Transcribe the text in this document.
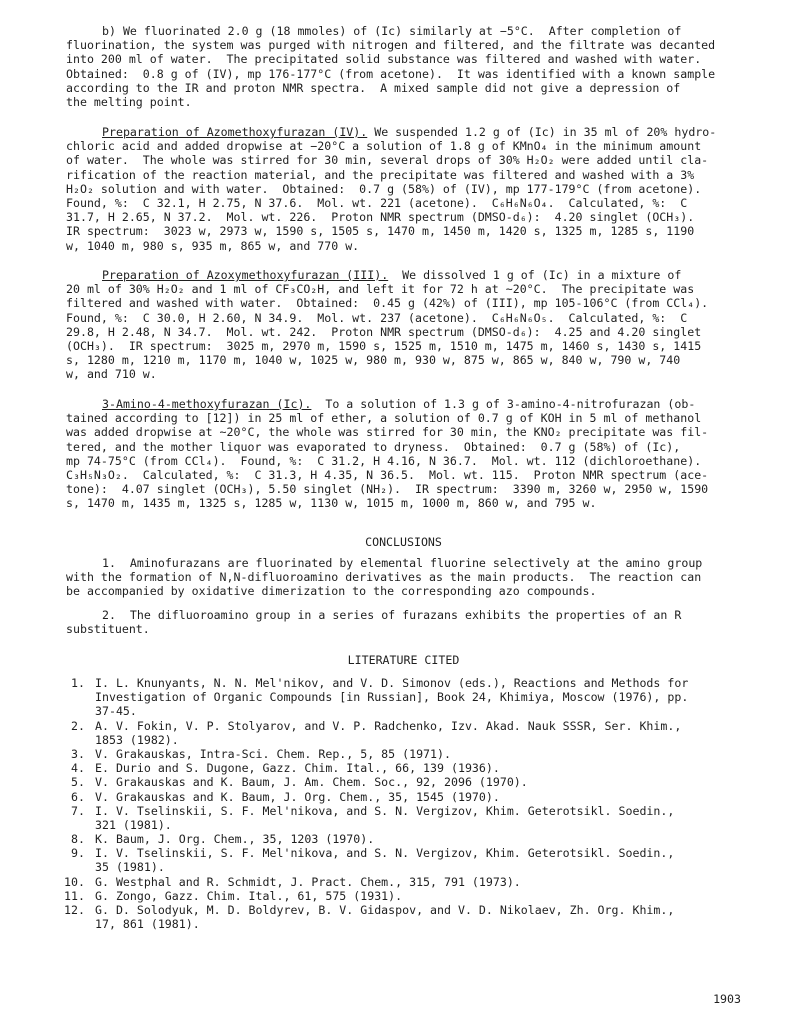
b) We fluorinated 2.0 g (18 mmoles) of (Ic) similarly at −5°C.  After completion of
fluorination, the system was purged with nitrogen and filtered, and the filtrate was decanted
into 200 ml of water.  The precipitated solid substance was filtered and washed with water.
Obtained:  0.8 g of (IV), mp 176-177°C (from acetone).  It was identified with a known sample
according to the IR and proton NMR spectra.  A mixed sample did not give a depression of
the melting point.
Preparation of Azomethoxyfurazan (IV). We suspended 1.2 g of (Ic) in 35 ml of 20% hydro-
chloric acid and added dropwise at −20°C a solution of 1.8 g of KMnO₄ in the minimum amount
of water.  The whole was stirred for 30 min, several drops of 30% H₂O₂ were added until cla-
rification of the reaction material, and the precipitate was filtered and washed with a 3%
H₂O₂ solution and with water.  Obtained:  0.7 g (58%) of (IV), mp 177-179°C (from acetone).
Found, %:  C 32.1, H 2.75, N 37.6.  Mol. wt. 221 (acetone).  C₆H₆N₆O₄.  Calculated, %:  C
31.7, H 2.65, N 37.2.  Mol. wt. 226.  Proton NMR spectrum (DMSO-d₆):  4.20 singlet (OCH₃).
IR spectrum:  3023 w, 2973 w, 1590 s, 1505 s, 1470 m, 1450 m, 1420 s, 1325 m, 1285 s, 1190
w, 1040 m, 980 s, 935 m, 865 w, and 770 w.
Preparation of Azoxymethoxyfurazan (III).  We dissolved 1 g of (Ic) in a mixture of
20 ml of 30% H₂O₂ and 1 ml of CF₃CO₂H, and left it for 72 h at ~20°C.  The precipitate was
filtered and washed with water.  Obtained:  0.45 g (42%) of (III), mp 105-106°C (from CCl₄).
Found, %:  C 30.0, H 2.60, N 34.9.  Mol. wt. 237 (acetone).  C₆H₆N₆O₅.  Calculated, %:  C
29.8, H 2.48, N 34.7.  Mol. wt. 242.  Proton NMR spectrum (DMSO-d₆):  4.25 and 4.20 singlet
(OCH₃).  IR spectrum:  3025 m, 2970 m, 1590 s, 1525 m, 1510 m, 1475 m, 1460 s, 1430 s, 1415
s, 1280 m, 1210 m, 1170 m, 1040 w, 1025 w, 980 m, 930 w, 875 w, 865 w, 840 w, 790 w, 740
w, and 710 w.
3-Amino-4-methoxyfurazan (Ic).  To a solution of 1.3 g of 3-amino-4-nitrofurazan (ob-
tained according to [12]) in 25 ml of ether, a solution of 0.7 g of KOH in 5 ml of methanol
was added dropwise at ~20°C, the whole was stirred for 30 min, the KNO₂ precipitate was fil-
tered, and the mother liquor was evaporated to dryness.  Obtained:  0.7 g (58%) of (Ic),
mp 74-75°C (from CCl₄).  Found, %:  C 31.2, H 4.16, N 36.7.  Mol. wt. 112 (dichloroethane).
C₃H₅N₃O₂.  Calculated, %:  C 31.3, H 4.35, N 36.5.  Mol. wt. 115.  Proton NMR spectrum (ace-
tone):  4.07 singlet (OCH₃), 5.50 singlet (NH₂).  IR spectrum:  3390 m, 3260 w, 2950 w, 1590
s, 1470 m, 1435 m, 1325 s, 1285 w, 1130 w, 1015 m, 1000 m, 860 w, and 795 w.
CONCLUSIONS
1.  Aminofurazans are fluorinated by elemental fluorine selectively at the amino group
with the formation of N,N-difluoroamino derivatives as the main products.  The reaction can
be accompanied by oxidative dimerization to the corresponding azo compounds.
2.  The difluoroamino group in a series of furazans exhibits the properties of an R
substituent.
LITERATURE CITED
1. I. L. Knunyants, N. N. Mel'nikov, and V. D. Simonov (eds.), Reactions and Methods for
Investigation of Organic Compounds [in Russian], Book 24, Khimiya, Moscow (1976), pp.
37-45.
2. A. V. Fokin, V. P. Stolyarov, and V. P. Radchenko, Izv. Akad. Nauk SSSR, Ser. Khim.,
1853 (1982).
3. V. Grakauskas, Intra-Sci. Chem. Rep., 5, 85 (1971).
4. E. Durio and S. Dugone, Gazz. Chim. Ital., 66, 139 (1936).
5. V. Grakauskas and K. Baum, J. Am. Chem. Soc., 92, 2096 (1970).
6. V. Grakauskas and K. Baum, J. Org. Chem., 35, 1545 (1970).
7. I. V. Tselinskii, S. F. Mel'nikova, and S. N. Vergizov, Khim. Geterotsikl. Soedin.,
321 (1981).
8. K. Baum, J. Org. Chem., 35, 1203 (1970).
9. I. V. Tselinskii, S. F. Mel'nikova, and S. N. Vergizov, Khim. Geterotsikl. Soedin.,
35 (1981).
10. G. Westphal and R. Schmidt, J. Pract. Chem., 315, 791 (1973).
11. G. Zongo, Gazz. Chim. Ital., 61, 575 (1931).
12. G. D. Solodyuk, M. D. Boldyrev, B. V. Gidaspov, and V. D. Nikolaev, Zh. Org. Khim.,
17, 861 (1981).
1903
